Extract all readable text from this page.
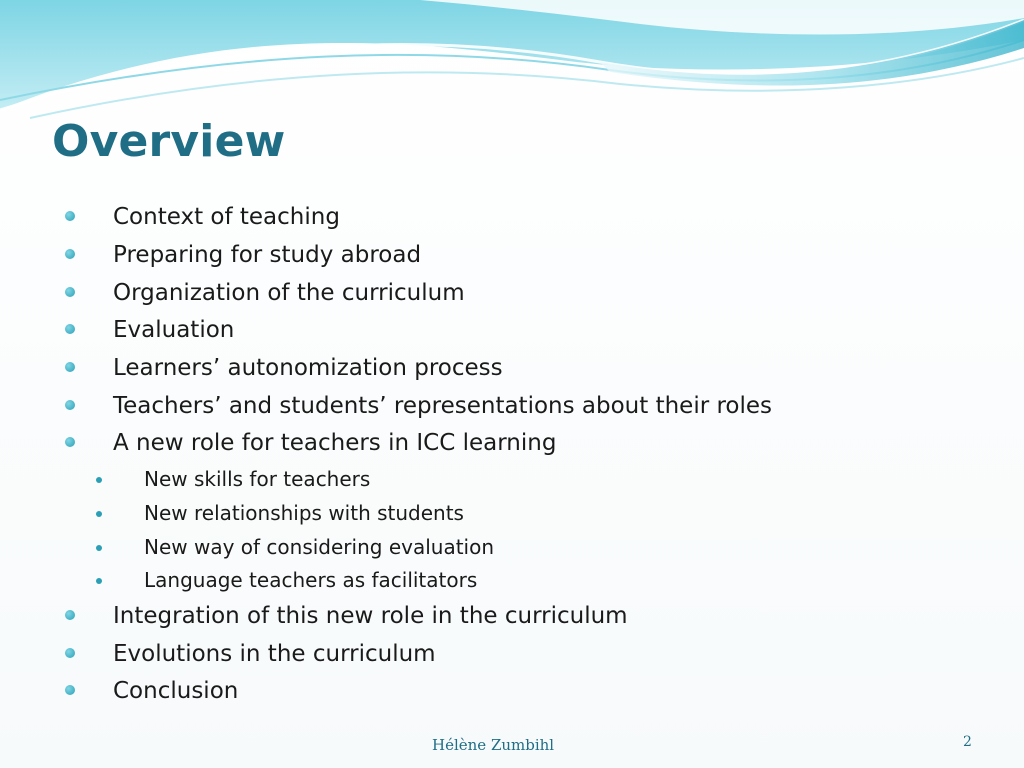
Overview
Context of teaching
Preparing for study abroad
Organization of the curriculum
Evaluation
Learners’ autonomization process
Teachers’ and students’ representations about their roles
A new role for teachers in ICC learning
New skills for teachers
New relationships with students
New way of considering evaluation
Language teachers as facilitators
Integration of this new role in the curriculum
Evolutions in the curriculum
Conclusion
Hélène Zumbihl	2
